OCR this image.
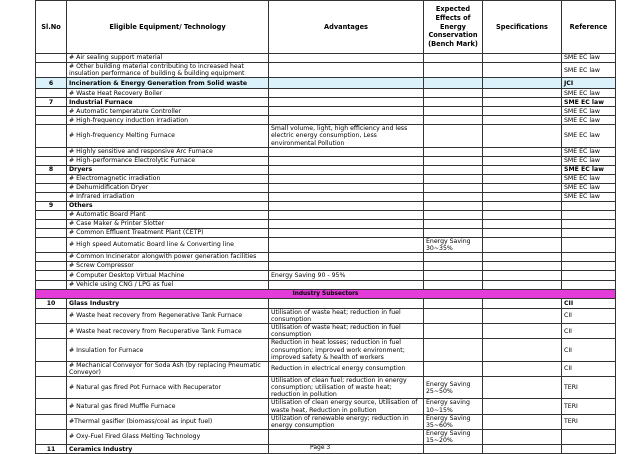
Sl.No	Eligible Equipment/ Technology	Advantages	Expected Effects of Energy Conservation (Bench Mark)	Specifications	Reference
	# Air sealing support material				SME EC law
	# Other building material contributing to increased heat insulation performance of building & building equipment				SME EC law
6	Incineration & Energy Generation from Solid waste				JCI
	# Waste Heat Recovery Boiler				SME EC law
7	Industrial Furnace				SME EC law
	# Automatic temperature Controller				SME EC law
	# High-frequency induction irradiation				SME EC law
	# High-frequency Melting Furnace	Small volume, light, high efficiency and less electric energy consumption, Less environmental Pollution			SME EC law
	# Highly sensitive and responsive Arc Furnace				SME EC law
	# High-performance Electrolytic Furnace				SME EC law
8	Dryers				SME EC law
	# Electromagnetic irradiation				SME EC law
	# Dehumidification Dryer				SME EC law
	# Infrared irradiation				SME EC law
9	Others				
	# Automatic Board Plant				
	# Case Maker & Printer Slotter				
	# Common Effluent Treatment Plant (CETP)				
	# High speed Automatic Board line & Converting line		Energy Saving 30~35%		
	# Common Incinerator alongwith power generation facilities				
	# Screw Compressor				
	# Computer Desktop Virtual Machine	Energy Saving 90 - 95%			
	# Vehicle using CNG / LPG as fuel				
Industry Subsectors					
10	Glass Industry				CII
	# Waste heat recovery from Regenerative Tank Furnace	Utilisation of waste heat; reduction in fuel consumption			CII
	# Waste heat recovery from Recuperative Tank Furnace	Utilisation of waste heat; reduction in fuel consumption			CII
	# Insulation for Furnace	Reduction in heat losses; reduction in fuel consumption; improved work environment; improved safety & health of workers			CII
	# Mechanical Conveyor for Soda Ash (by replacing Pneumatic Conveyor)	Reduction in electrical energy consumption			CII
	# Natural gas fired Pot Furnace with Recuperator	Utilisation of clean fuel; reduction in energy consumption; utilisation of waste heat; reduction in pollution	Energy Saving 25~50%		TERI
	# Natural gas fired Muffle Furnace	Utilisation of clean energy source, Utilisation of waste heat, Reduction in pollution	Energy saving 10~15%		TERI
	#Thermal gasifier (biomass/coal as input fuel)	Utilization of renewable energy; reduction in energy consumption	Energy Saving 35~60%		TERI
	# Oxy-Fuel Fired Glass Melting Technology		Energy Saving 15~20%		
11	Ceramics Industry					Page 3
